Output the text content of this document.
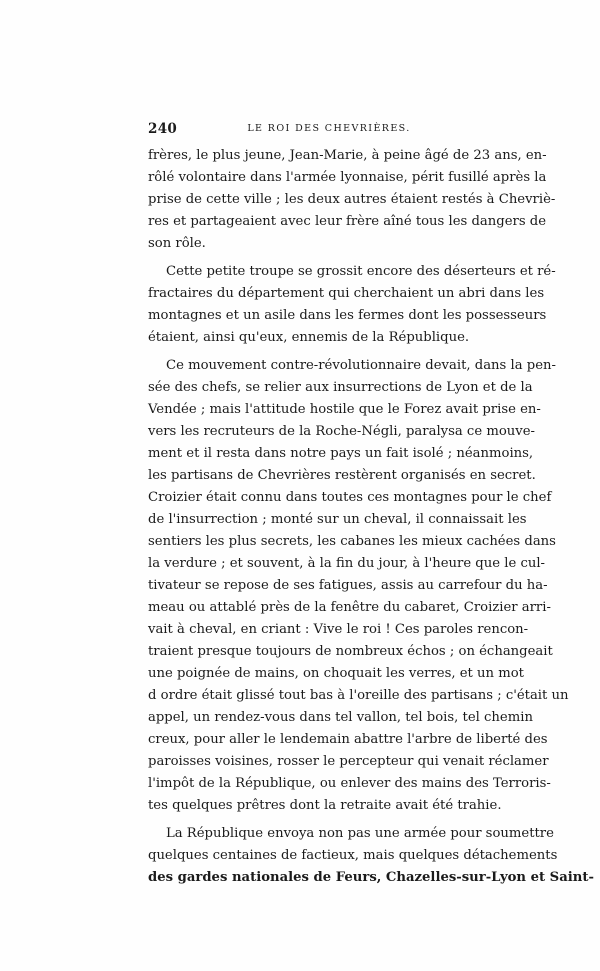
240	LE ROI DES CHEVRIÈRES.
frères, le plus jeune, Jean-Marie, à peine âgé de 23 ans, en-
rôlé volontaire dans l'armée lyonnaise, périt fusillé après la
prise de cette ville ; les deux autres étaient restés à Chevriè-
res et partageaient avec leur frère aîné tous les dangers de
son rôle.
Cette petite troupe se grossit encore des déserteurs et ré-
fractaires du département qui cherchaient un abri dans les
montagnes et un asile dans les fermes dont les possesseurs
étaient, ainsi qu'eux, ennemis de la République.
Ce mouvement contre-révolutionnaire devait, dans la pen-
sée des chefs, se relier aux insurrections de Lyon et de la
Vendée ; mais l'attitude hostile que le Forez avait prise en-
vers les recruteurs de la Roche-Négli, paralysa ce mouve-
ment et il resta dans notre pays un fait isolé ; néanmoins,
les partisans de Chevrières restèrent organisés en secret.
Croizier était connu dans toutes ces montagnes pour le chef
de l'insurrection ; monté sur un cheval, il connaissait les
sentiers les plus secrets, les cabanes les mieux cachées dans
la verdure ; et souvent, à la fin du jour, à l'heure que le cul-
tivateur se repose de ses fatigues, assis au carrefour du ha-
meau ou attablé près de la fenêtre du cabaret, Croizier arri-
vait à cheval, en criant : Vive le roi ! Ces paroles rencon-
traient presque toujours de nombreux échos ; on échangeait
une poignée de mains, on choquait les verres, et un mot
d ordre était glissé tout bas à l'oreille des partisans ; c'était un
appel, un rendez-vous dans tel vallon, tel bois, tel chemin
creux, pour aller le lendemain abattre l'arbre de liberté des
paroisses voisines, rosser le percepteur qui venait réclamer
l'impôt de la République, ou enlever des mains des Terroris-
tes quelques prêtres dont la retraite avait été trahie.
La République envoya non pas une armée pour soumettre
quelques centaines de factieux, mais quelques détachements
des gardes nationales de Feurs, Chazelles-sur-Lyon et Saint-
